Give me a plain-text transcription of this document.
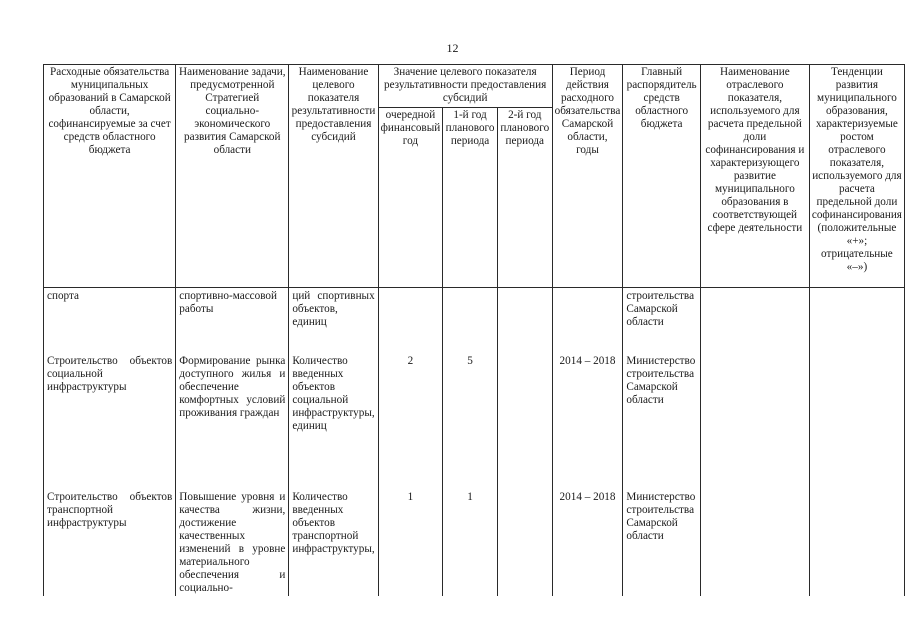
12
Расходные обязательства муниципальных образований в Самарской области, софинансируемые за счет средств областного бюджета	Наименование задачи, предусмотренной Стратегией социально-экономического развития Самарской области	Наименование целевого показателя результативности предоставления субсидий	Значение целевого показателя результативности предоставления субсидий			Период действия расходного обязательства Самарской области, годы	Главный распорядитель средств областного бюджета	Наименование отраслевого показателя, используемого для расчета предельной доли софинансирования и характеризующего развитие муниципального образования в соответствующей сфере деятельности	Тенденции развития муниципального образования, характеризуемые ростом отраслевого показателя, используемого для расчета предельной доли софинансирования (положительные «+»; отрицательные «–»)
			очередной финансовый год	1-й год планового периода	2-й год планового периода				
спорта	спортивно-массовой работы	ций спортивных объектов, единиц					строительства Самарской области		
Строительство объектов социальной инфраструктуры	Формирование рынка доступного жилья и обеспечение комфортных условий проживания граждан	Количество введенных объектов социальной инфраструктуры, единиц	2	5		2014 – 2018	Министерство строительства Самарской области		
Строительство объектов транспортной инфраструктуры	Повышение уровня и качества жизни, достижение качественных изменений в уровне материального обеспечения и социально-	Количество введенных объектов транспортной инфраструктуры,	1	1		2014 – 2018	Министерство строительства Самарской области		
